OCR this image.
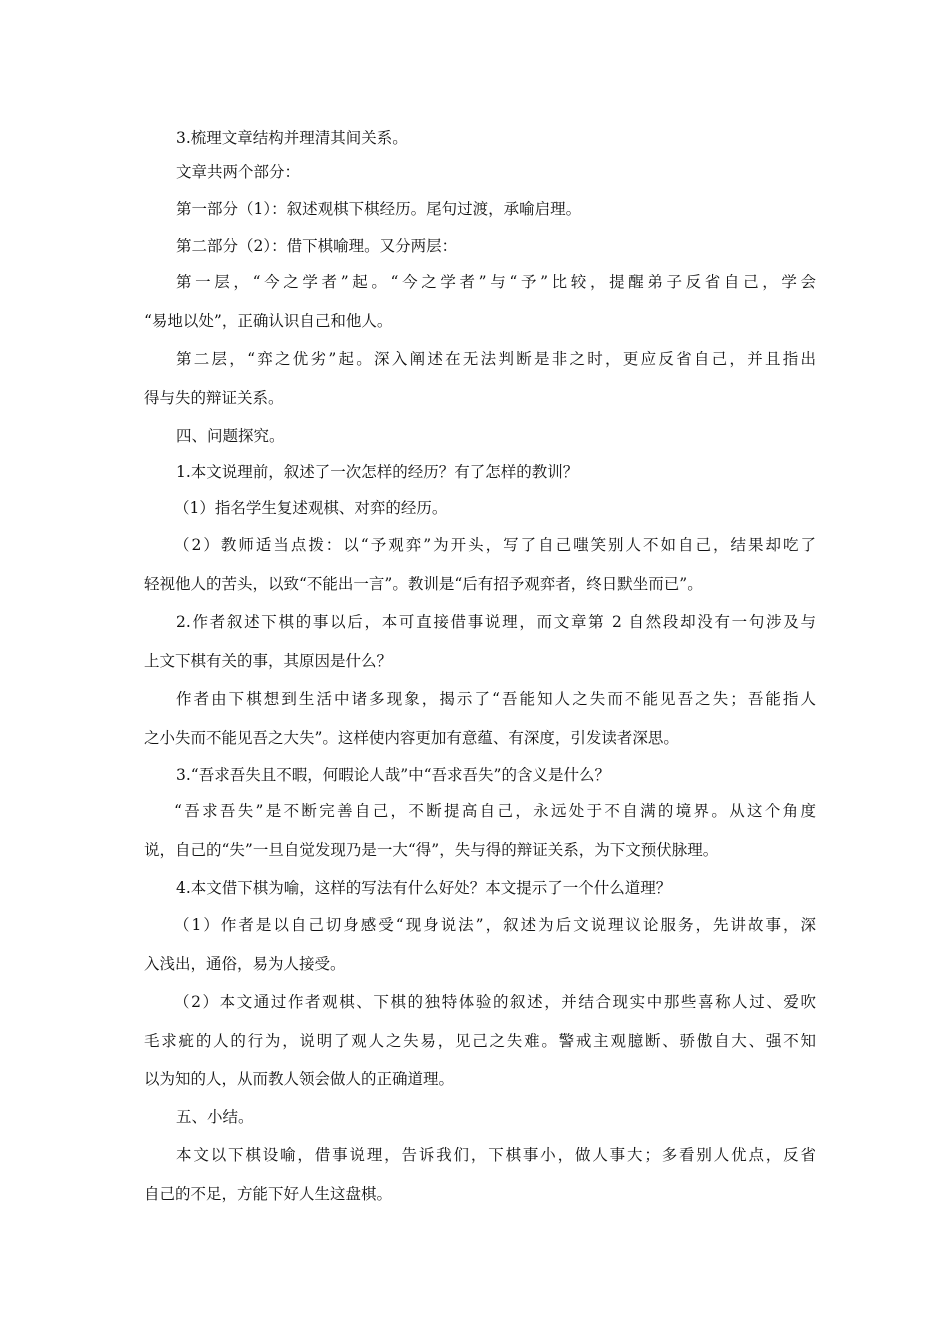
3.梳理文章结构并理清其间关系。

文章共两个部分：

第一部分（1）：叙述观棋下棋经历。尾句过渡，承喻启理。

第二部分（2）：借下棋喻理。又分两层：

第一层，“今之学者”起。“今之学者”与“予”比较，提醒弟子反省自己，学会

“易地以处”，正确认识自己和他人。

第二层，“弈之优劣”起。深入阐述在无法判断是非之时，更应反省自己，并且指出

得与失的辩证关系。

四、问题探究。

1.本文说理前，叙述了一次怎样的经历？有了怎样的教训？

（1）指名学生复述观棋、对弈的经历。

（2）教师适当点拨：以“予观弈”为开头，写了自己嗤笑别人不如自己，结果却吃了

轻视他人的苦头，以致“不能出一言”。教训是“后有招予观弈者，终日默坐而已”。

2.作者叙述下棋的事以后，本可直接借事说理，而文章第 2 自然段却没有一句涉及与

上文下棋有关的事，其原因是什么？

作者由下棋想到生活中诸多现象，揭示了“吾能知人之失而不能见吾之失；吾能指人

之小失而不能见吾之大失”。这样使内容更加有意蕴、有深度，引发读者深思。

3.“吾求吾失且不暇，何暇论人哉”中“吾求吾失”的含义是什么？

“吾求吾失”是不断完善自己，不断提高自己，永远处于不自满的境界。从这个角度

说，自己的“失”一旦自觉发现乃是一大“得”，失与得的辩证关系，为下文预伏脉理。

4.本文借下棋为喻，这样的写法有什么好处？本文提示了一个什么道理？

（1）作者是以自己切身感受“现身说法”，叙述为后文说理议论服务，先讲故事，深

入浅出，通俗，易为人接受。

（2）本文通过作者观棋、下棋的独特体验的叙述，并结合现实中那些喜称人过、爱吹

毛求疵的人的行为，说明了观人之失易，见己之失难。警戒主观臆断、骄傲自大、强不知

以为知的人，从而教人领会做人的正确道理。

五、小结。

本文以下棋设喻，借事说理，告诉我们，下棋事小，做人事大；多看别人优点，反省

自己的不足，方能下好人生这盘棋。
